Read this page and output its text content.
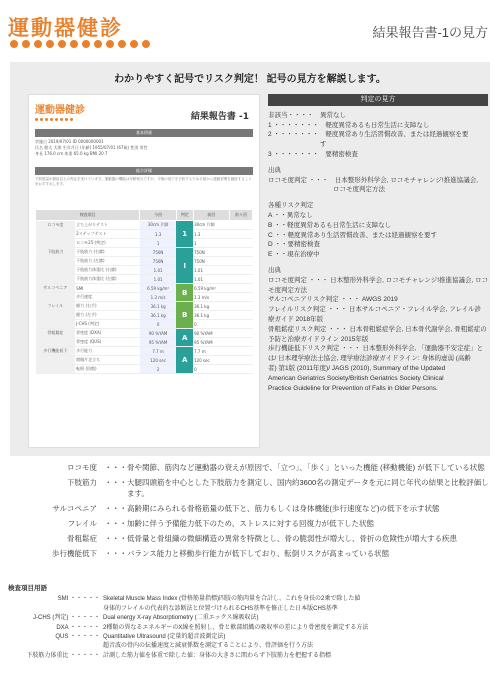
運動器健診	結果報告書-1の見方
わかりやすく記号でリスク判定！ 記号の見方を解説します。
運動器健診
結果報告書 -1
基本情報
実施日 2019/07/01 ID 0000000001
氏名 健太 太郎 生年月日 (年齢) 1955/07/01 (67歳) 性別 男性
身長 176.0 cm 体重 65.0 kg BMI 20.7
総合評価
下肢筋量が最低以上の判定を受けています。運動器の機能は年齢相当ですが、今後の低下を予防するため日頃から運動習慣を継続することをおすすめします。
検査項目		今回	判定	前回	前々回
ロコモ度	立ち上がりテスト	30cm 片脚	1	30cm 片脚	
	2ステップテスト	1.3		1.3	
	ロコモ25 (判定)	1		1	
下肢筋力	下肢筋力 (右膝)	750N	I	750N	
	下肢筋力 (左膝)	750N		750N	
	下肢筋力体重比 (右膝)	1.01		1.01	
	下肢筋力体重比 (左膝)	1.01		1.01	
サルコペニア	SMI	6.59 kg/m²	B	6.59 kg/m²	
	歩行速度	1.3 m/s		1.3 m/s	
フレイル	握力 (右手)	36.1 kg	B	36.1 kg	
	握力 (左手)	36.1 kg		36.1 kg	
	J-CHS (判定)	0		0	
骨粗鬆症	骨密度 (DXA)	90 %YAM	A	90 %YAM	
	骨密度 (QUS)	95 %YAM		95 %YAM	
歩行機能低下	歩行能力	7.7 m	A	7.7 m	
	開眼片足立ち	120 sec		120 sec	
	転倒 (回数)	2		0	
判定の見方
非該当・・・・　異常なし
1 ・・・・・・・　軽度異常あるも日常生活に支障なし
2 ・・・・・・・　軽度異常あり生活習慣改善、または経過観察を要
　　　　　　　　す
3 ・・・・・・・　要精密検査
出典
ロコモ度判定 ・・・　日本整形外科学会, ロコモチャレンジ!推進協議会,
　　　　　　　　　　ロコモ度判定方法
各種リスク判定
A ・・異常なし
B ・・軽度異常あるも日常生活に支障なし
C ・・軽度異常あり生活習慣改善、または経過観察を要す
D ・・要精密検査
E ・・現在治療中
出典
ロコモ度判定 ・・・ 日本整形外科学会, ロコモチャレンジ!推進協議会, ロコ
モ度判定方法
サルコペニアリスク判定 ・・・ AWGS 2019
フレイルリスク判定 ・・・ 日本サルコペニア・フレイル学会, フレイル診
療ガイド 2018年版
骨粗鬆症リスク判定 ・・・ 日本骨粗鬆症学会, 日本骨代謝学会, 骨粗鬆症の
予防と治療ガイドライン 2015年版
歩行機能低下リスク判定 ・・・ 日本整形外科学会, 「運動器不安定症」と
は/ 日本理学療法士協会, 理学療法診療ガイドライン: 身体的虚弱 (高齢
者) 第1版 (2011年度)/ JAGS (2010), Summary of the Updated
American Geriatrics Society/British Geriatrics Society Clinical
Practice Guideline for Prevention of Falls in Older Persons.
ロコモ度 　・・・ 骨や関節、筋肉など運動器の衰えが原因で、「立つ」、「歩く」といった機能 (移動機能) が低下している状態
下肢筋力 　・・・ 大腿四頭筋を中心とした下肢筋力を測定し、国内約3600名の測定データを元に同じ年代の結果と比較評価します。
サルコペニア 　・・・ 高齢期にみられる骨格筋量の低下と、筋力もしくは身体機能(歩行速度など)の低下を示す状態
フレイル 　・・・ 加齢に伴う予備能力低下のため、ストレスに対する回復力が低下した状態
骨粗鬆症 　・・・ 低骨量と骨組織の微細構造の異常を特徴とし、骨の脆弱性が増大し、骨折の危険性が増大する疾患
歩行機能低下 　・・・ バランス能力と移動歩行能力が低下しており、転倒リスクが高まっている状態
検査項目用語
SMI ・・・・・ Skeletal Muscle Mass Index (骨格筋量指標)四肢の筋肉量を合計し、これを身長の2乗で除した値
身体的フレイルの代表的な診断法と位置づけられるCHS基準を修正した日本版CHS基準
J-CHS (判定) ・・・・・ Dual energy X-ray Absorptiometry (二重エックス線吸収法)
DXA ・・・・・ 2種類の異なるエネルギーのX線を照射し、骨と軟部組織の吸収率の差により骨密度を測定する方法
QUS ・・・・・ Quantitative Ultrasound (定量的超音波測定法)
超音波の骨内の伝播速度と減衰係数を測定することにより、骨評価を行う方法
下肢筋力体重比 ・・・・・ 計測した筋力値を体重で除した値：身体の大きさに関わらず下肢筋力を把握する指標
